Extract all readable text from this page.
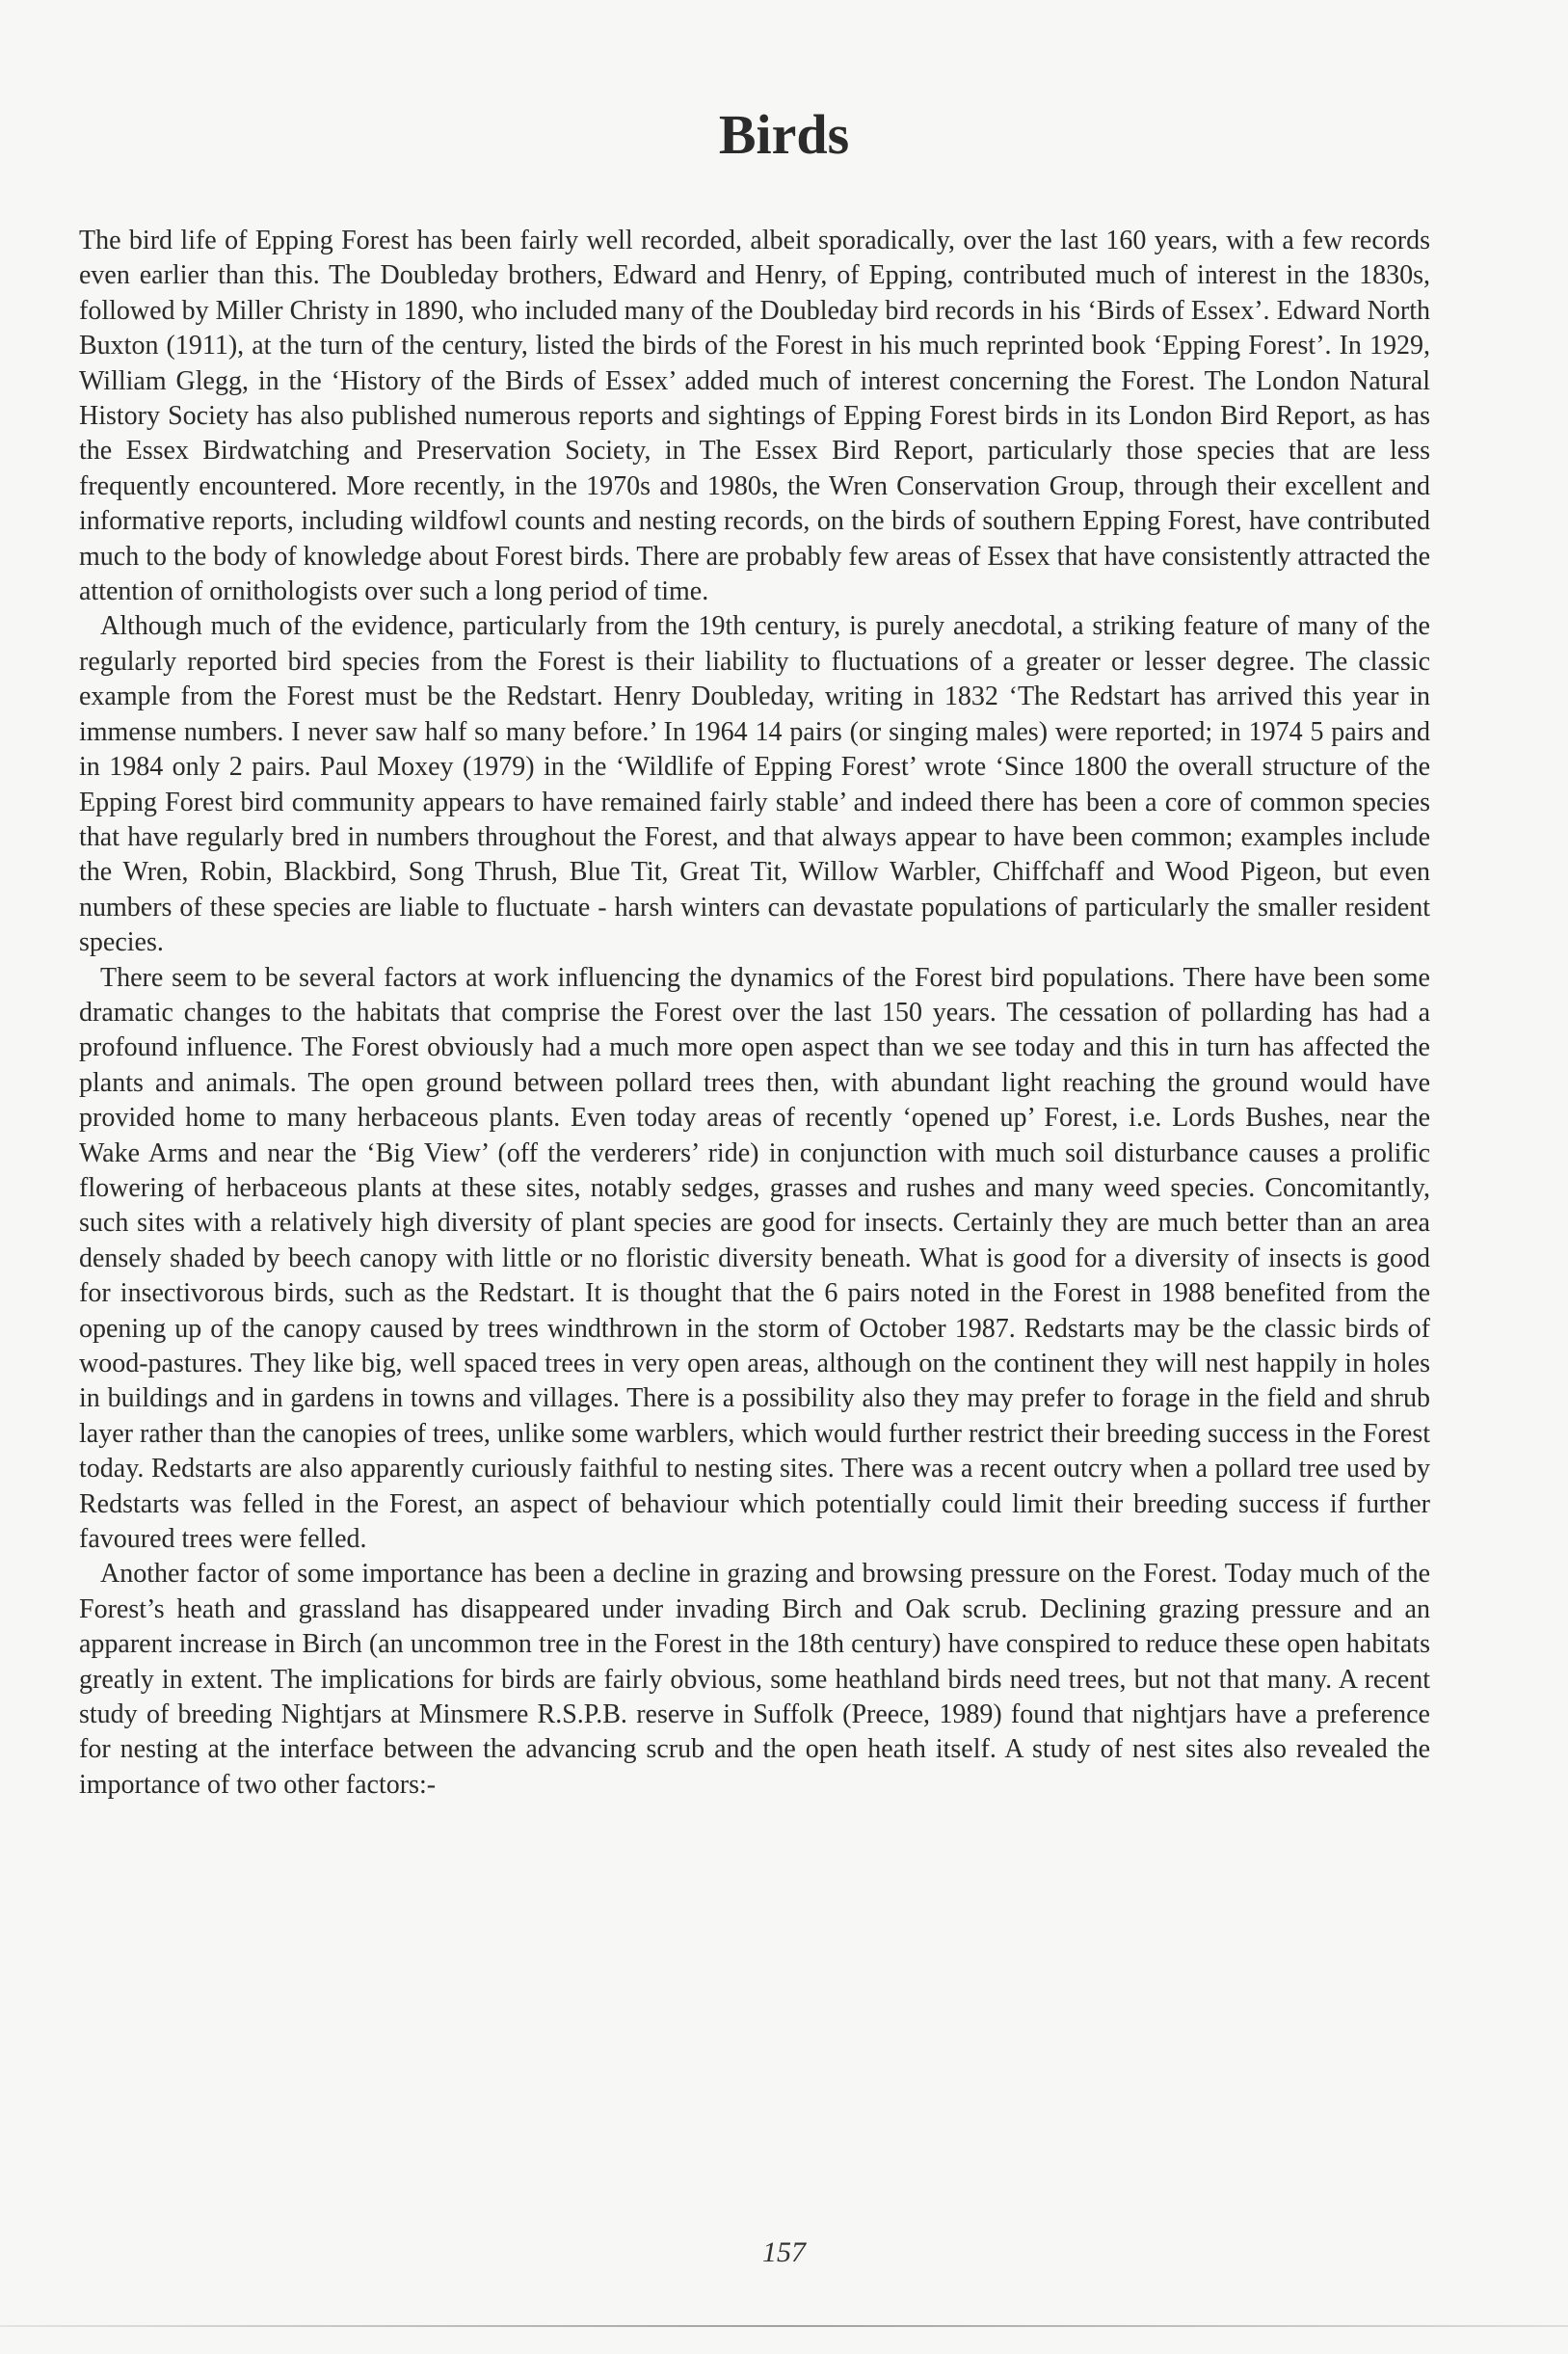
Birds

The bird life of Epping Forest has been fairly well recorded, albeit sporadically, over the last 160 years, with a few records even earlier than this. The Doubleday brothers, Edward and Henry, of Epping, contributed much of interest in the 1830s, followed by Miller Christy in 1890, who included many of the Doubleday bird records in his ‘Birds of Essex’. Edward North Buxton (1911), at the turn of the century, listed the birds of the Forest in his much reprinted book ‘Epping Forest’. In 1929, William Glegg, in the ‘History of the Birds of Essex’ added much of interest concerning the Forest. The London Natural History Society has also published numerous reports and sightings of Epping Forest birds in its London Bird Report, as has the Essex Birdwatching and Preservation Society, in The Essex Bird Report, particularly those species that are less frequently encountered. More recently, in the 1970s and 1980s, the Wren Conservation Group, through their excellent and informative reports, including wildfowl counts and nesting records, on the birds of southern Epping Forest, have contributed much to the body of knowledge about Forest birds. There are probably few areas of Essex that have consistently attracted the attention of ornithologists over such a long period of time.

Although much of the evidence, particularly from the 19th century, is purely anecdotal, a striking feature of many of the regularly reported bird species from the Forest is their liability to fluctuations of a greater or lesser degree. The classic example from the Forest must be the Redstart. Henry Doubleday, writing in 1832 ‘The Redstart has arrived this year in immense numbers. I never saw half so many before.’ In 1964 14 pairs (or singing males) were reported; in 1974 5 pairs and in 1984 only 2 pairs. Paul Moxey (1979) in the ‘Wildlife of Epping Forest’ wrote ‘Since 1800 the overall structure of the Epping Forest bird community appears to have remained fairly stable’ and indeed there has been a core of common species that have regularly bred in numbers throughout the Forest, and that always appear to have been common; examples include the Wren, Robin, Blackbird, Song Thrush, Blue Tit, Great Tit, Willow Warbler, Chiffchaff and Wood Pigeon, but even numbers of these species are liable to fluctuate - harsh winters can devastate populations of particularly the smaller resident species.

There seem to be several factors at work influencing the dynamics of the Forest bird populations. There have been some dramatic changes to the habitats that comprise the Forest over the last 150 years. The cessation of pollarding has had a profound influence. The Forest obviously had a much more open aspect than we see today and this in turn has affected the plants and animals. The open ground between pollard trees then, with abundant light reaching the ground would have provided home to many herbaceous plants. Even today areas of recently ‘opened up’ Forest, i.e. Lords Bushes, near the Wake Arms and near the ‘Big View’ (off the verderers’ ride) in conjunction with much soil disturbance causes a prolific flowering of herbaceous plants at these sites, notably sedges, grasses and rushes and many weed species. Concomitantly, such sites with a relatively high diversity of plant species are good for insects. Certainly they are much better than an area densely shaded by beech canopy with little or no floristic diversity beneath. What is good for a diversity of insects is good for insectivorous birds, such as the Redstart. It is thought that the 6 pairs noted in the Forest in 1988 benefited from the opening up of the canopy caused by trees windthrown in the storm of October 1987. Redstarts may be the classic birds of wood-pastures. They like big, well spaced trees in very open areas, although on the continent they will nest happily in holes in buildings and in gardens in towns and villages. There is a possibility also they may prefer to forage in the field and shrub layer rather than the canopies of trees, unlike some warblers, which would further restrict their breeding success in the Forest today. Redstarts are also apparently curiously faithful to nesting sites. There was a recent outcry when a pollard tree used by Redstarts was felled in the Forest, an aspect of behaviour which potentially could limit their breeding success if further favoured trees were felled.

Another factor of some importance has been a decline in grazing and browsing pressure on the Forest. Today much of the Forest’s heath and grassland has disappeared under invading Birch and Oak scrub. Declining grazing pressure and an apparent increase in Birch (an uncommon tree in the Forest in the 18th century) have conspired to reduce these open habitats greatly in extent. The implications for birds are fairly obvious, some heathland birds need trees, but not that many. A recent study of breeding Nightjars at Minsmere R.S.P.B. reserve in Suffolk (Preece, 1989) found that nightjars have a preference for nesting at the interface between the advancing scrub and the open heath itself. A study of nest sites also revealed the importance of two other factors:-

157
